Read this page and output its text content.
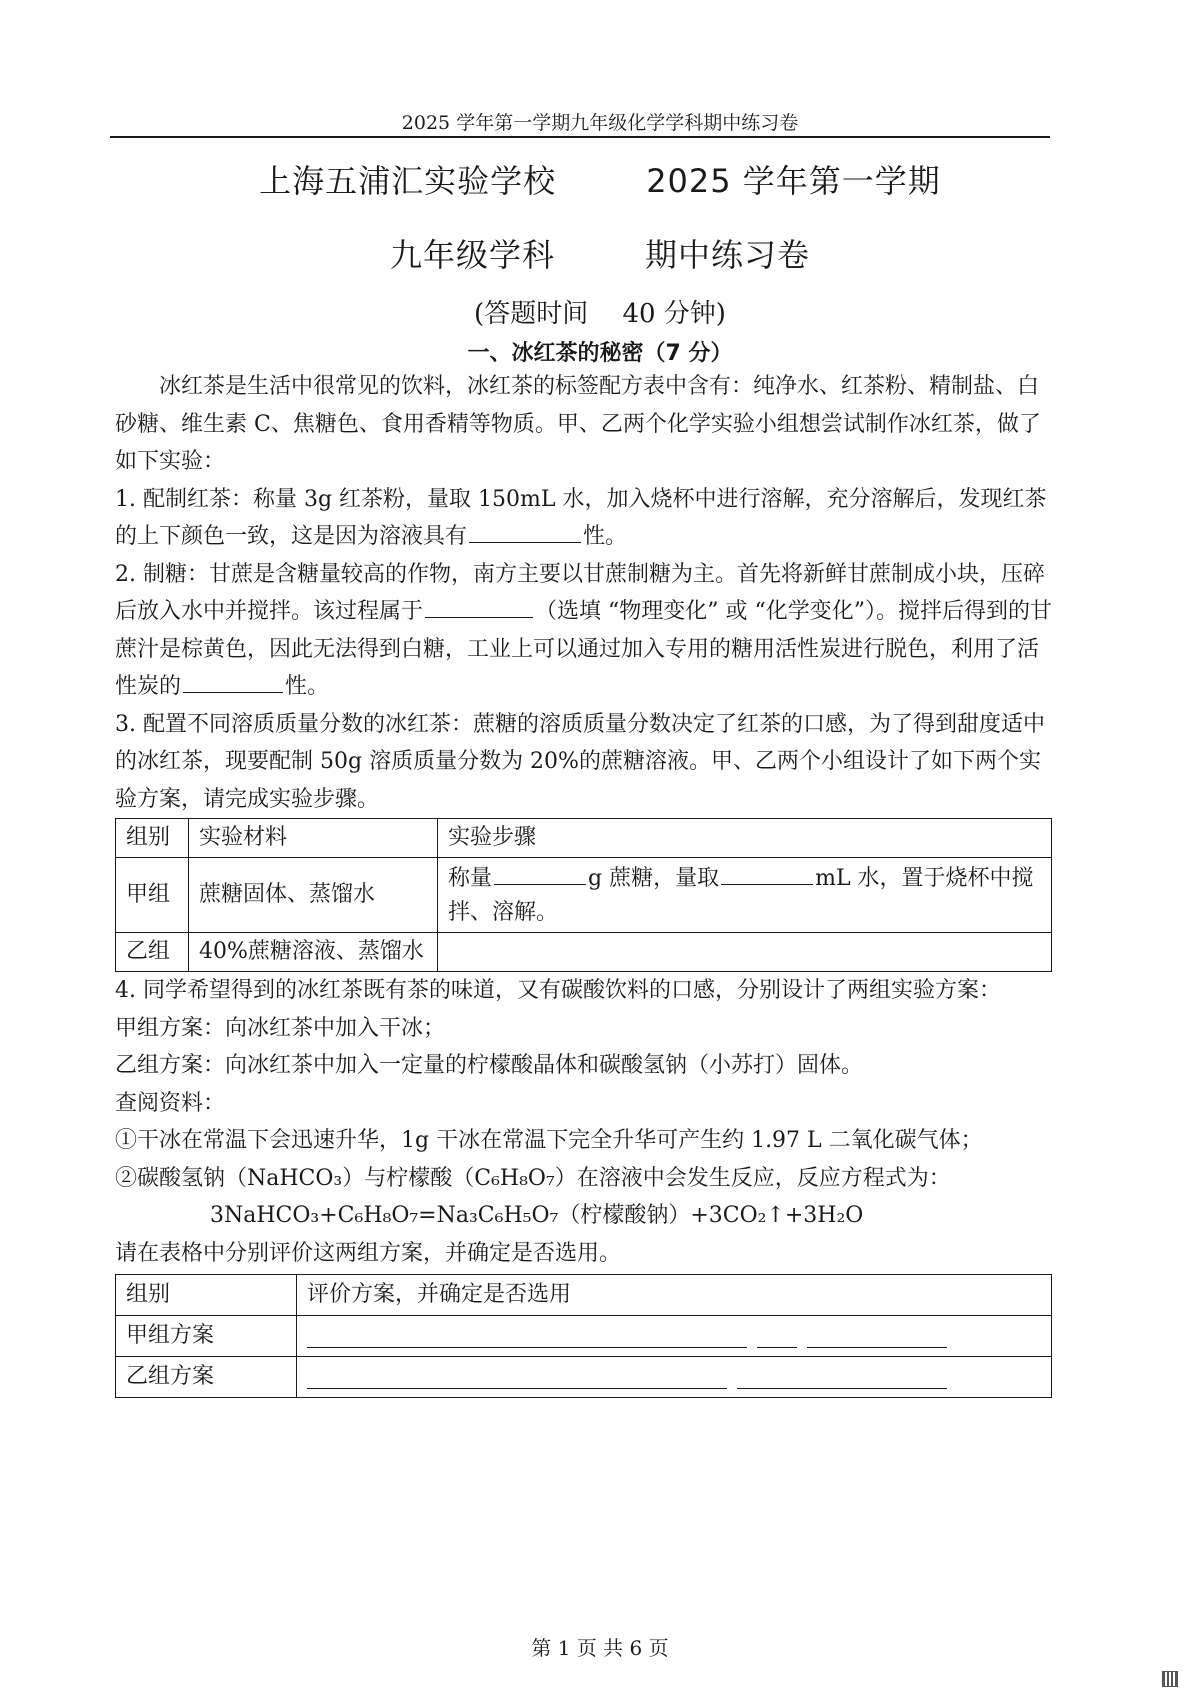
2025 学年第一学期九年级化学学科期中练习卷
上海五浦汇实验学校	2025 学年第一学期
九年级学科	期中练习卷
(答题时间　 40 分钟)
一、冰红茶的秘密（7 分）

冰红茶是生活中很常见的饮料，冰红茶的标签配方表中含有：纯净水、红茶粉、精制盐、白砂糖、维生素 C、焦糖色、食用香精等物质。甲、乙两个化学实验小组想尝试制作冰红茶，做了如下实验：

1. 配制红茶：称量 3g 红茶粉，量取 150mL 水，加入烧杯中进行溶解，充分溶解后，发现红茶的上下颜色一致，这是因为溶液具有	性。

2. 制糖：甘蔗是含糖量较高的作物，南方主要以甘蔗制糖为主。首先将新鲜甘蔗制成小块，压碎后放入水中并搅拌。该过程属于	（选填 “物理变化” 或 “化学变化”）。搅拌后得到的甘蔗汁是棕黄色，因此无法得到白糖，工业上可以通过加入专用的糖用活性炭进行脱色，利用了活性炭的	性。

3. 配置不同溶质质量分数的冰红茶：蔗糖的溶质质量分数决定了红茶的口感，为了得到甜度适中的冰红茶，现要配制 50g 溶质质量分数为 20%的蔗糖溶液。甲、乙两个小组设计了如下两个实验方案，请完成实验步骤。

组别	实验材料	实验步骤
甲组	蔗糖固体、蒸馏水	称量 g 蔗糖，量取 mL 水，置于烧杯中搅拌、溶解。
乙组	40%蔗糖溶液、蒸馏水	

4. 同学希望得到的冰红茶既有茶的味道，又有碳酸饮料的口感，分别设计了两组实验方案：

甲组方案：向冰红茶中加入干冰；

乙组方案：向冰红茶中加入一定量的柠檬酸晶体和碳酸氢钠（小苏打）固体。

查阅资料：

①干冰在常温下会迅速升华，1g 干冰在常温下完全升华可产生约 1.97 L 二氧化碳气体；

②碳酸氢钠（NaHCO₃）与柠檬酸（C₆H₈O₇）在溶液中会发生反应，反应方程式为：

3NaHCO₃+C₆H₈O₇=Na₃C₆H₅O₇（柠檬酸钠）+3CO₂↑+3H₂O

请在表格中分别评价这两组方案，并确定是否选用。

组别	评价方案，并确定是否选用
甲组方案	

乙组方案	
第 1 页 共 6 页
